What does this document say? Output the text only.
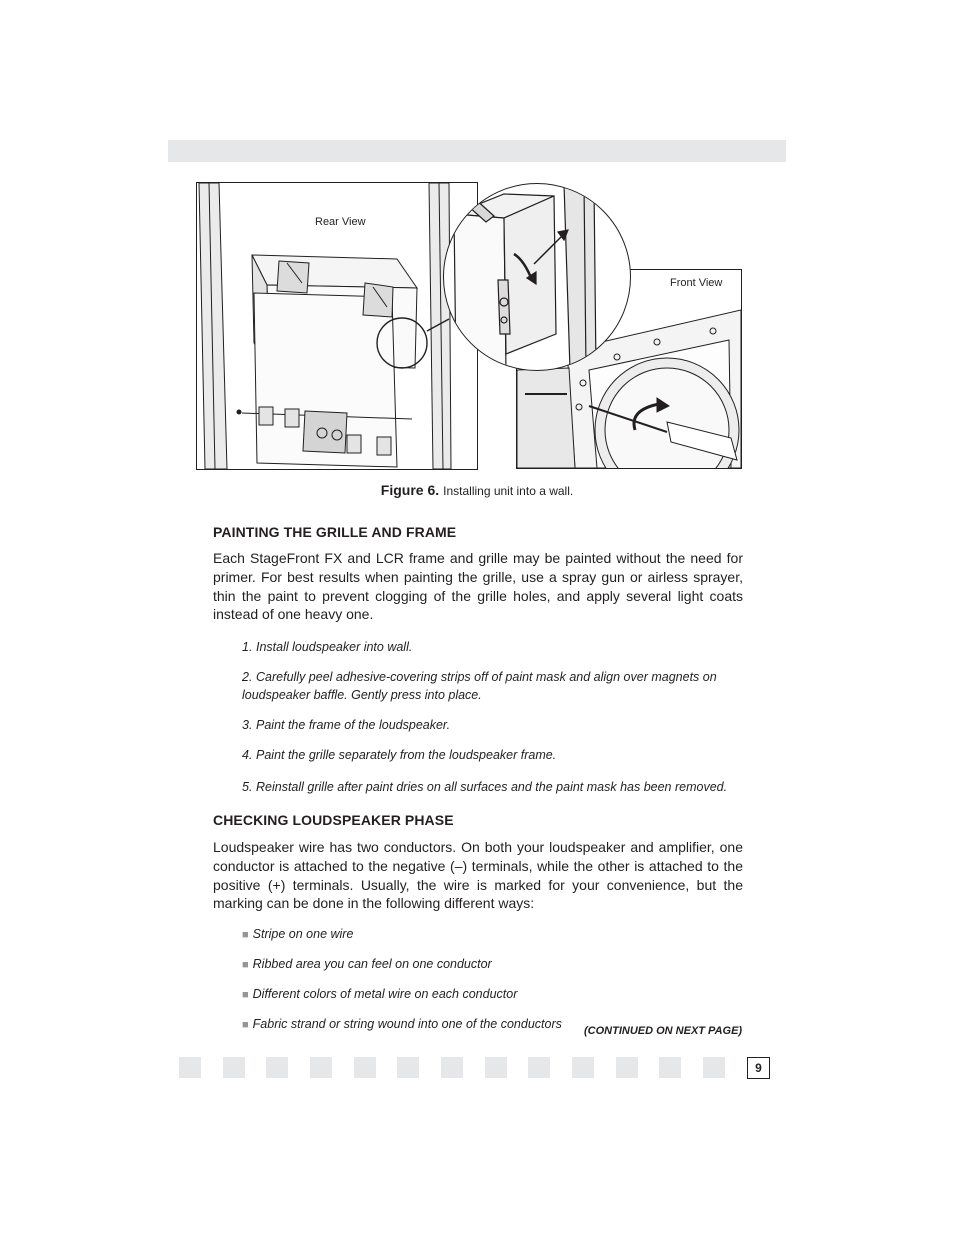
Rear View
Front View
Figure 6. Installing unit into a wall.
PAINTING THE GRILLE AND FRAME

Each StageFront FX and LCR frame and grille may be painted without the need for primer. For best results when painting the grille, use a spray gun or airless sprayer, thin the paint to prevent clogging of the grille holes, and apply several light coats instead of one heavy one.

1. Install loudspeaker into wall.
2. Carefully peel adhesive-covering strips off of paint mask and align over magnets on loudspeaker baffle. Gently press into place.
3. Paint the frame of the loudspeaker.
4. Paint the grille separately from the loudspeaker frame.
5. Reinstall grille after paint dries on all surfaces and the paint mask has been removed.
CHECKING LOUDSPEAKER PHASE

Loudspeaker wire has two conductors. On both your loudspeaker and amplifier, one conductor is attached to the negative (–) terminals, while the other is attached to the positive (+) terminals. Usually, the wire is marked for your convenience, but the marking can be done in the following different ways:

■ Stripe on one wire
■ Ribbed area you can feel on one conductor
■ Different colors of metal wire on each conductor
■ Fabric strand or string wound into one of the conductors (CONTINUED ON NEXT PAGE)
9
